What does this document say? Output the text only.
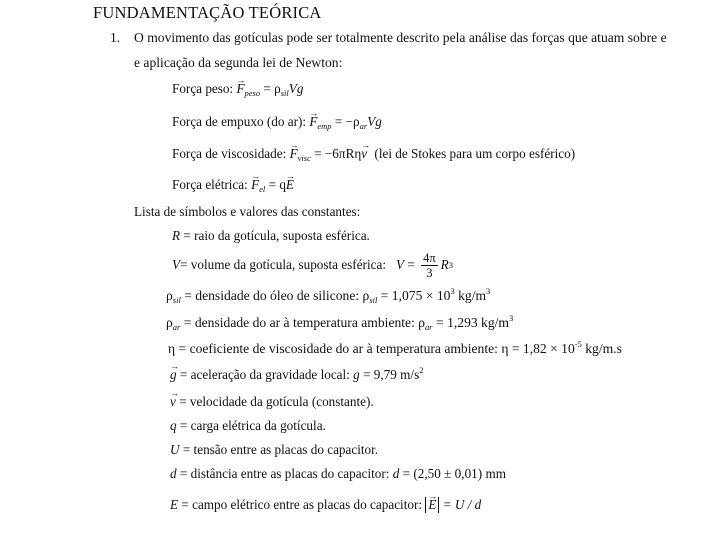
FUNDAMENTAÇÃO TEÓRICA
1. O movimento das gotículas pode ser totalmente descrito pela análise das forças que atuam sobre e
e aplicação da segunda lei de Newton:
Força peso: → $F_{peso} = \rho_{sil}Vg$
Força de empuxo (do ar): → $F_{emp} = -\rho_{ar}Vg$
Força de viscosidade: → $F_{visc} = -6\pi R\eta\to v$ (lei de Stokes para um corpo esférico)
Força elétrica: → $F_{el} = q\to E$
Lista de símbolos e valores das constantes:
R = raio da gotícula, suposta esférica.
V = volume da gotícula, suposta esférica: $V = \frac{4\pi}{3}$ R 3
$\rho_{sil}$ = densidade do óleo de silicone: $\rho_{sil} = 1,075 \times 10^3$ $kg/m^3$
$\rho_{ar}$ = densidade do ar à temperatura ambiente: $\rho_{ar} = 1,293$ $kg/m^3$
η = coeficiente de viscosidade do ar à temperatura ambiente: $\eta = 1,82 \times 10^{-5}$ kg/m.s
→ g = aceleração da gravidade local: g = 9,79 $m/s^2$
→ v = velocidade da gotícula (constante).
q = carga elétrica da gotícula.
U = tensão entre as placas do capacitor.
d = distância entre as placas do capacitor: d = (2,50 ± 0,01) mm
E = campo elétrico entre as placas do capacitor: → E = U / d
